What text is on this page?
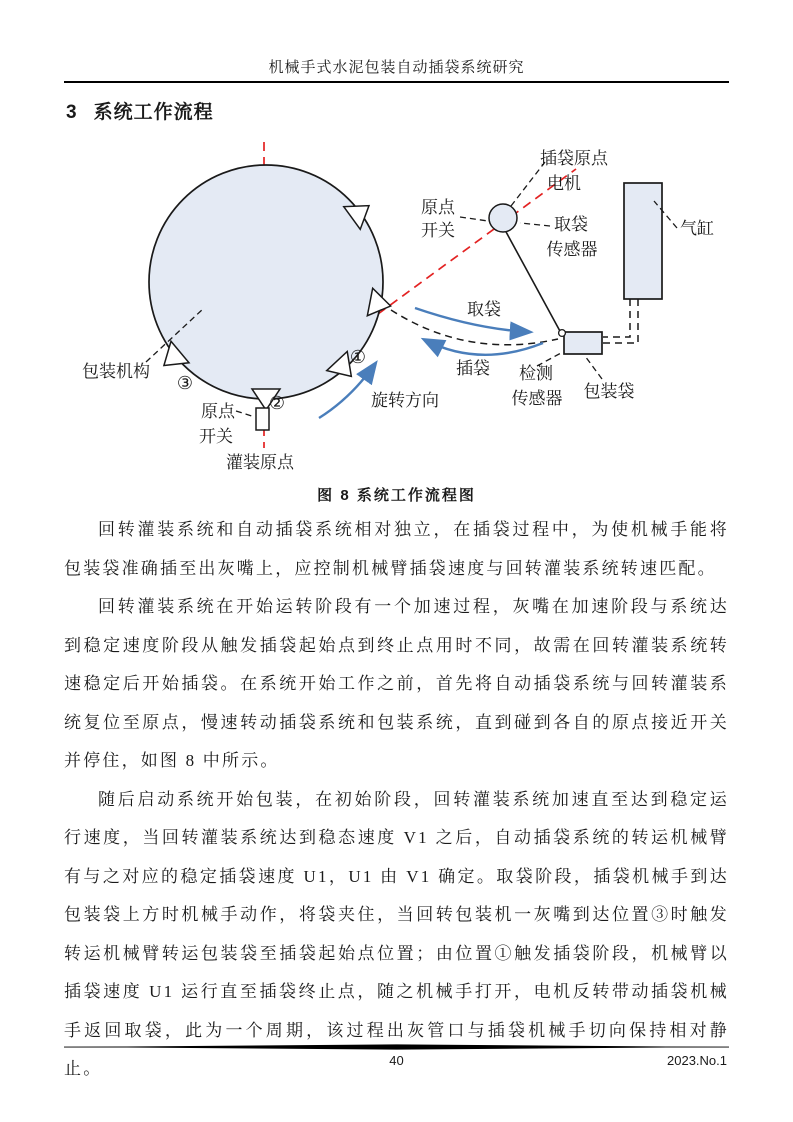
机械手式水泥包装自动插袋系统研究
3 系统工作流程
插袋原点
电机
原点
开关	取袋
传感器
气缸
取袋
插袋 检测
传感器 包装袋
包装机构
旋转方向
原点
开关
灌装原点
①
②
③
图 8 系统工作流程图

回转灌装系统和自动插袋系统相对独立，在插袋过程中，为使机械手能将包装袋准确插至出灰嘴上，应控制机械臂插袋速度与回转灌装系统转速匹配。

回转灌装系统在开始运转阶段有一个加速过程，灰嘴在加速阶段与系统达到稳定速度阶段从触发插袋起始点到终止点用时不同，故需在回转灌装系统转速稳定后开始插袋。在系统开始工作之前，首先将自动插袋系统与回转灌装系统复位至原点，慢速转动插袋系统和包装系统，直到碰到各自的原点接近开关并停住，如图 8 中所示。

随后启动系统开始包装，在初始阶段，回转灌装系统加速直至达到稳定运行速度，当回转灌装系统达到稳态速度 V1 之后，自动插袋系统的转运机械臂有与之对应的稳定插袋速度 U1，U1 由 V1 确定。取袋阶段，插袋机械手到达包装袋上方时机械手动作，将袋夹住，当回转包装机一灰嘴到达位置③时触发转运机械臂转运包装袋至插袋起始点位置；由位置①触发插袋阶段，机械臂以插袋速度 U1 运行直至插袋终止点，随之机械手打开，电机反转带动插袋机械手返回取袋，此为一个周期，该过程出灰管口与插袋机械手切向保持相对静止。	40	2023.No.1
